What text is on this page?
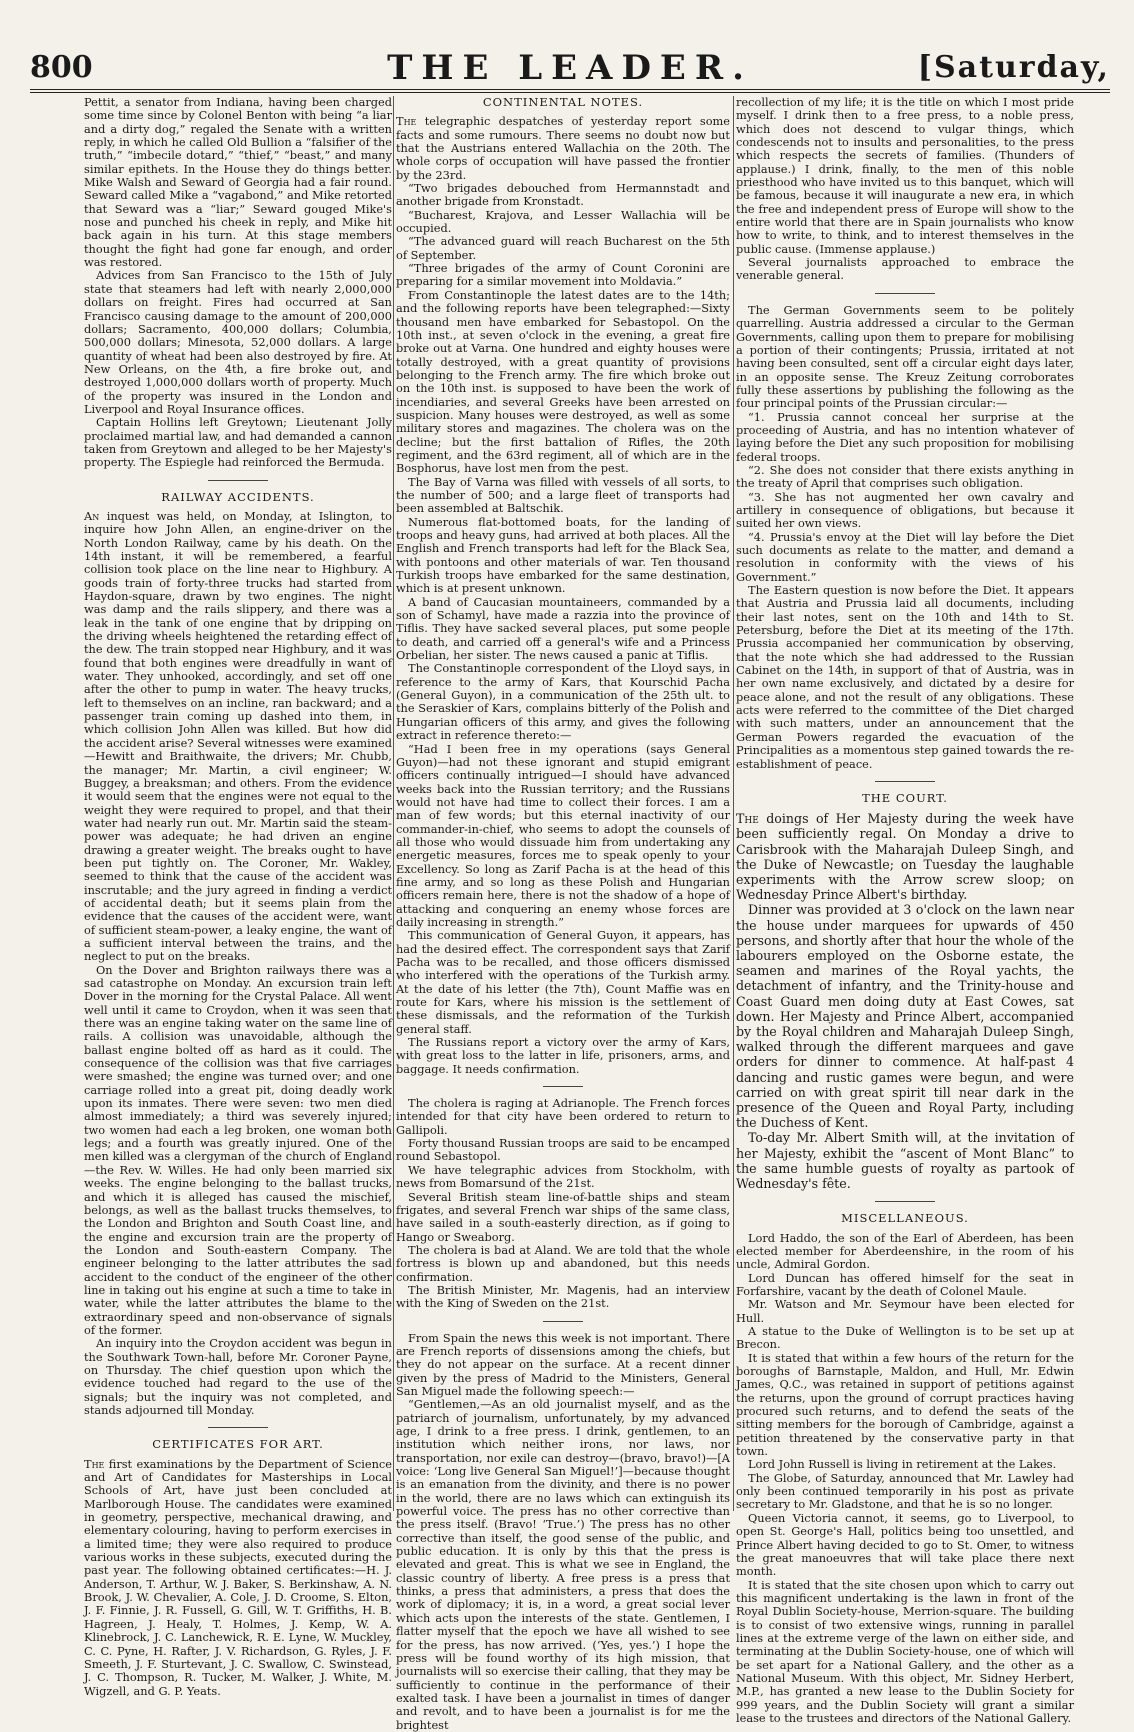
800	THE LEADER.	[Saturday,

Pettit, a senator from Indiana, having been charged some time since by Colonel Benton with being “a liar and a dirty dog,” regaled the Senate with a written reply, in which he called Old Bullion a “falsifier of the truth,” “imbecile dotard,” “thief,” “beast,” and many similar epithets. In the House they do things better. Mike Walsh and Seward of Georgia had a fair round. Seward called Mike a “vagabond,” and Mike retorted that Seward was a “liar;” Seward gouged Mike's nose and punched his cheek in reply, and Mike hit back again in his turn. At this stage members thought the fight had gone far enough, and order was restored.

Advices from San Francisco to the 15th of July state that steamers had left with nearly 2,000,000 dollars on freight. Fires had occurred at San Francisco causing damage to the amount of 200,000 dollars; Sacramento, 400,000 dollars; Columbia, 500,000 dollars; Minesota, 52,000 dollars. A large quantity of wheat had been also destroyed by fire. At New Orleans, on the 4th, a fire broke out, and destroyed 1,000,000 dollars worth of property. Much of the property was insured in the London and Liverpool and Royal Insurance offices.

Captain Hollins left Greytown; Lieutenant Jolly proclaimed martial law, and had demanded a cannon taken from Greytown and alleged to be her Majesty's property. The Espiegle had reinforced the Bermuda.

RAILWAY ACCIDENTS.

An inquest was held, on Monday, at Islington, to inquire how John Allen, an engine-driver on the North London Railway, came by his death. On the 14th instant, it will be remembered, a fearful collision took place on the line near to Highbury. A goods train of forty-three trucks had started from Haydon-square, drawn by two engines. The night was damp and the rails slippery, and there was a leak in the tank of one engine that by dripping on the driving wheels heightened the retarding effect of the dew. The train stopped near Highbury, and it was found that both engines were dreadfully in want of water. They unhooked, accordingly, and set off one after the other to pump in water. The heavy trucks, left to themselves on an incline, ran backward; and a passenger train coming up dashed into them, in which collision John Allen was killed. But how did the accident arise? Several witnesses were examined—Hewitt and Braithwaite, the drivers; Mr. Chubb, the manager; Mr. Martin, a civil engineer; W. Buggey, a breaksman; and others. From the evidence it would seem that the engines were not equal to the weight they were required to propel, and that their water had nearly run out. Mr. Martin said the steam-power was adequate; he had driven an engine drawing a greater weight. The breaks ought to have been put tightly on. The Coroner, Mr. Wakley, seemed to think that the cause of the accident was inscrutable; and the jury agreed in finding a verdict of accidental death; but it seems plain from the evidence that the causes of the accident were, want of sufficient steam-power, a leaky engine, the want of a sufficient interval between the trains, and the neglect to put on the breaks.

On the Dover and Brighton railways there was a sad catastrophe on Monday. An excursion train left Dover in the morning for the Crystal Palace. All went well until it came to Croydon, when it was seen that there was an engine taking water on the same line of rails. A collision was unavoidable, although the ballast engine bolted off as hard as it could. The consequence of the collision was that five carriages were smashed; the engine was turned over; and one carriage rolled into a great pit, doing deadly work upon its inmates. There were seven: two men died almost immediately; a third was severely injured; two women had each a leg broken, one woman both legs; and a fourth was greatly injured. One of the men killed was a clergyman of the church of England—the Rev. W. Willes. He had only been married six weeks. The engine belonging to the ballast trucks, and which it is alleged has caused the mischief, belongs, as well as the ballast trucks themselves, to the London and Brighton and South Coast line, and the engine and excursion train are the property of the London and South-eastern Company. The engineer belonging to the latter attributes the sad accident to the conduct of the engineer of the other line in taking out his engine at such a time to take in water, while the latter attributes the blame to the extraordinary speed and non-observance of signals of the former.

An inquiry into the Croydon accident was begun in the Southwark Town-hall, before Mr. Coroner Payne, on Thursday. The chief question upon which the evidence touched had regard to the use of the signals; but the inquiry was not completed, and stands adjourned till Monday.

CERTIFICATES FOR ART.

The first examinations by the Department of Science and Art of Candidates for Masterships in Local Schools of Art, have just been concluded at Marlborough House. The candidates were examined in geometry, perspective, mechanical drawing, and elementary colouring, having to perform exercises in a limited time; they were also required to produce various works in these subjects, executed during the past year. The following obtained certificates:—H. J. Anderson, T. Arthur, W. J. Baker, S. Berkinshaw, A. N. Brook, J. W. Chevalier, A. Cole, J. D. Croome, S. Elton, J. F. Finnie, J. R. Fussell, G. Gill, W. T. Griffiths, H. B. Hagreen, J. Healy, T. Holmes, J. Kemp, W. A. Klinebrock, J. C. Lanchewick, R. E. Lyne, W. Muckley, C. C. Pyne, H. Rafter, J. V. Richardson, G. Ryles, J. F. Smeeth, J. F. Sturtevant, J. C. Swallow, C. Swinstead, J. C. Thompson, R. Tucker, M. Walker, J. White, M. Wigzell, and G. P. Yeats.

CONTINENTAL NOTES.

The telegraphic despatches of yesterday report some facts and some rumours. There seems no doubt now but that the Austrians entered Wallachia on the 20th. The whole corps of occupation will have passed the frontier by the 23rd.

“Two brigades debouched from Hermannstadt and another brigade from Kronstadt.

“Bucharest, Krajova, and Lesser Wallachia will be occupied.

“The advanced guard will reach Bucharest on the 5th of September.

“Three brigades of the army of Count Coronini are preparing for a similar movement into Moldavia.”

From Constantinople the latest dates are to the 14th; and the following reports have been telegraphed:—Sixty thousand men have embarked for Sebastopol. On the 10th inst., at seven o'clock in the evening, a great fire broke out at Varna. One hundred and eighty houses were totally destroyed, with a great quantity of provisions belonging to the French army. The fire which broke out on the 10th inst. is supposed to have been the work of incendiaries, and several Greeks have been arrested on suspicion. Many houses were destroyed, as well as some military stores and magazines. The cholera was on the decline; but the first battalion of Rifles, the 20th regiment, and the 63rd regiment, all of which are in the Bosphorus, have lost men from the pest.

The Bay of Varna was filled with vessels of all sorts, to the number of 500; and a large fleet of transports had been assembled at Baltschik.

Numerous flat-bottomed boats, for the landing of troops and heavy guns, had arrived at both places. All the English and French transports had left for the Black Sea, with pontoons and other materials of war. Ten thousand Turkish troops have embarked for the same destination, which is at present unknown.

A band of Caucasian mountaineers, commanded by a son of Schamyl, have made a razzia into the province of Tiflis. They have sacked several places, put some people to death, and carried off a general's wife and a Princess Orbelian, her sister. The news caused a panic at Tiflis.

The Constantinople correspondent of the Lloyd says, in reference to the army of Kars, that Kourschid Pacha (General Guyon), in a communication of the 25th ult. to the Seraskier of Kars, complains bitterly of the Polish and Hungarian officers of this army, and gives the following extract in reference thereto:—

“Had I been free in my operations (says General Guyon)—had not these ignorant and stupid emigrant officers continually intrigued—I should have advanced weeks back into the Russian territory; and the Russians would not have had time to collect their forces. I am a man of few words; but this eternal inactivity of our commander-in-chief, who seems to adopt the counsels of all those who would dissuade him from undertaking any energetic measures, forces me to speak openly to your Excellency. So long as Zarif Pacha is at the head of this fine army, and so long as these Polish and Hungarian officers remain here, there is not the shadow of a hope of attacking and conquering an enemy whose forces are daily increasing in strength.”

This communication of General Guyon, it appears, has had the desired effect. The correspondent says that Zarif Pacha was to be recalled, and those officers dismissed who interfered with the operations of the Turkish army. At the date of his letter (the 7th), Count Maffie was en route for Kars, where his mission is the settlement of these dismissals, and the reformation of the Turkish general staff.

The Russians report a victory over the army of Kars, with great loss to the latter in life, prisoners, arms, and baggage. It needs confirmation.

The cholera is raging at Adrianople. The French forces intended for that city have been ordered to return to Gallipoli.

Forty thousand Russian troops are said to be encamped round Sebastopol.

We have telegraphic advices from Stockholm, with news from Bomarsund of the 21st.

Several British steam line-of-battle ships and steam frigates, and several French war ships of the same class, have sailed in a south-easterly direction, as if going to Hango or Sweaborg.

The cholera is bad at Aland. We are told that the whole fortress is blown up and abandoned, but this needs confirmation.

The British Minister, Mr. Magenis, had an interview with the King of Sweden on the 21st.

From Spain the news this week is not important. There are French reports of dissensions among the chiefs, but they do not appear on the surface. At a recent dinner given by the press of Madrid to the Ministers, General San Miguel made the following speech:—

“Gentlemen,—As an old journalist myself, and as the patriarch of journalism, unfortunately, by my advanced age, I drink to a free press. I drink, gentlemen, to an institution which neither irons, nor laws, nor transportation, nor exile can destroy—(bravo, bravo!)—[A voice: ‘Long live General San Miguel!’]—because thought is an emanation from the divinity, and there is no power in the world, there are no laws which can extinguish its powerful voice. The press has no other corrective than the press itself. (Bravo! ‘True.’) The press has no other corrective than itself, the good sense of the public, and public education. It is only by this that the press is elevated and great. This is what we see in England, the classic country of liberty. A free press is a press that thinks, a press that administers, a press that does the work of diplomacy; it is, in a word, a great social lever which acts upon the interests of the state. Gentlemen, I flatter myself that the epoch we have all wished to see for the press, has now arrived. (‘Yes, yes.’) I hope the press will be found worthy of its high mission, that journalists will so exercise their calling, that they may be sufficiently to continue in the performance of their exalted task. I have been a journalist in times of danger and revolt, and to have been a journalist is for me the brightest

recollection of my life; it is the title on which I most pride myself. I drink then to a free press, to a noble press, which does not descend to vulgar things, which condescends not to insults and personalities, to the press which respects the secrets of families. (Thunders of applause.) I drink, finally, to the men of this noble priesthood who have invited us to this banquet, which will be famous, because it will inaugurate a new era, in which the free and independent press of Europe will show to the entire world that there are in Spain journalists who know how to write, to think, and to interest themselves in the public cause. (Immense applause.)

Several journalists approached to embrace the venerable general.

The German Governments seem to be politely quarrelling. Austria addressed a circular to the German Governments, calling upon them to prepare for mobilising a portion of their contingents; Prussia, irritated at not having been consulted, sent off a circular eight days later, in an opposite sense. The Kreuz Zeitung corroborates fully these assertions by publishing the following as the four principal points of the Prussian circular:—

“1. Prussia cannot conceal her surprise at the proceeding of Austria, and has no intention whatever of laying before the Diet any such proposition for mobilising federal troops.

“2. She does not consider that there exists anything in the treaty of April that comprises such obligation.

“3. She has not augmented her own cavalry and artillery in consequence of obligations, but because it suited her own views.

“4. Prussia's envoy at the Diet will lay before the Diet such documents as relate to the matter, and demand a resolution in conformity with the views of his Government.”

The Eastern question is now before the Diet. It appears that Austria and Prussia laid all documents, including their last notes, sent on the 10th and 14th to St. Petersburg, before the Diet at its meeting of the 17th. Prussia accompanied her communication by observing, that the note which she had addressed to the Russian Cabinet on the 14th, in support of that of Austria, was in her own name exclusively, and dictated by a desire for peace alone, and not the result of any obligations. These acts were referred to the committee of the Diet charged with such matters, under an announcement that the German Powers regarded the evacuation of the Principalities as a momentous step gained towards the re-establishment of peace.

THE COURT.

The doings of Her Majesty during the week have been sufficiently regal. On Monday a drive to Carisbrook with the Maharajah Duleep Singh, and the Duke of Newcastle; on Tuesday the laughable experiments with the Arrow screw sloop; on Wednesday Prince Albert's birthday.

Dinner was provided at 3 o'clock on the lawn near the house under marquees for upwards of 450 persons, and shortly after that hour the whole of the labourers employed on the Osborne estate, the seamen and marines of the Royal yachts, the detachment of infantry, and the Trinity-house and Coast Guard men doing duty at East Cowes, sat down. Her Majesty and Prince Albert, accompanied by the Royal children and Maharajah Duleep Singh, walked through the different marquees and gave orders for dinner to commence. At half-past 4 dancing and rustic games were begun, and were carried on with great spirit till near dark in the presence of the Queen and Royal Party, including the Duchess of Kent.

To-day Mr. Albert Smith will, at the invitation of her Majesty, exhibit the “ascent of Mont Blanc” to the same humble guests of royalty as partook of Wednesday's fête.

MISCELLANEOUS.

Lord Haddo, the son of the Earl of Aberdeen, has been elected member for Aberdeenshire, in the room of his uncle, Admiral Gordon.

Lord Duncan has offered himself for the seat in Forfarshire, vacant by the death of Colonel Maule.

Mr. Watson and Mr. Seymour have been elected for Hull.

A statue to the Duke of Wellington is to be set up at Brecon.

It is stated that within a few hours of the return for the boroughs of Barnstaple, Maldon, and Hull, Mr. Edwin James, Q.C., was retained in support of petitions against the returns, upon the ground of corrupt practices having procured such returns, and to defend the seats of the sitting members for the borough of Cambridge, against a petition threatened by the conservative party in that town.

Lord John Russell is living in retirement at the Lakes.

The Globe, of Saturday, announced that Mr. Lawley had only been continued temporarily in his post as private secretary to Mr. Gladstone, and that he is so no longer.

Queen Victoria cannot, it seems, go to Liverpool, to open St. George's Hall, politics being too unsettled, and Prince Albert having decided to go to St. Omer, to witness the great manoeuvres that will take place there next month.

It is stated that the site chosen upon which to carry out this magnificent undertaking is the lawn in front of the Royal Dublin Society-house, Merrion-square. The building is to consist of two extensive wings, running in parallel lines at the extreme verge of the lawn on either side, and terminating at the Dublin Society-house, one of which will be set apart for a National Gallery, and the other as a National Museum. With this object, Mr. Sidney Herbert, M.P., has granted a new lease to the Dublin Society for 999 years, and the Dublin Society will grant a similar lease to the trustees and directors of the National Gallery.
